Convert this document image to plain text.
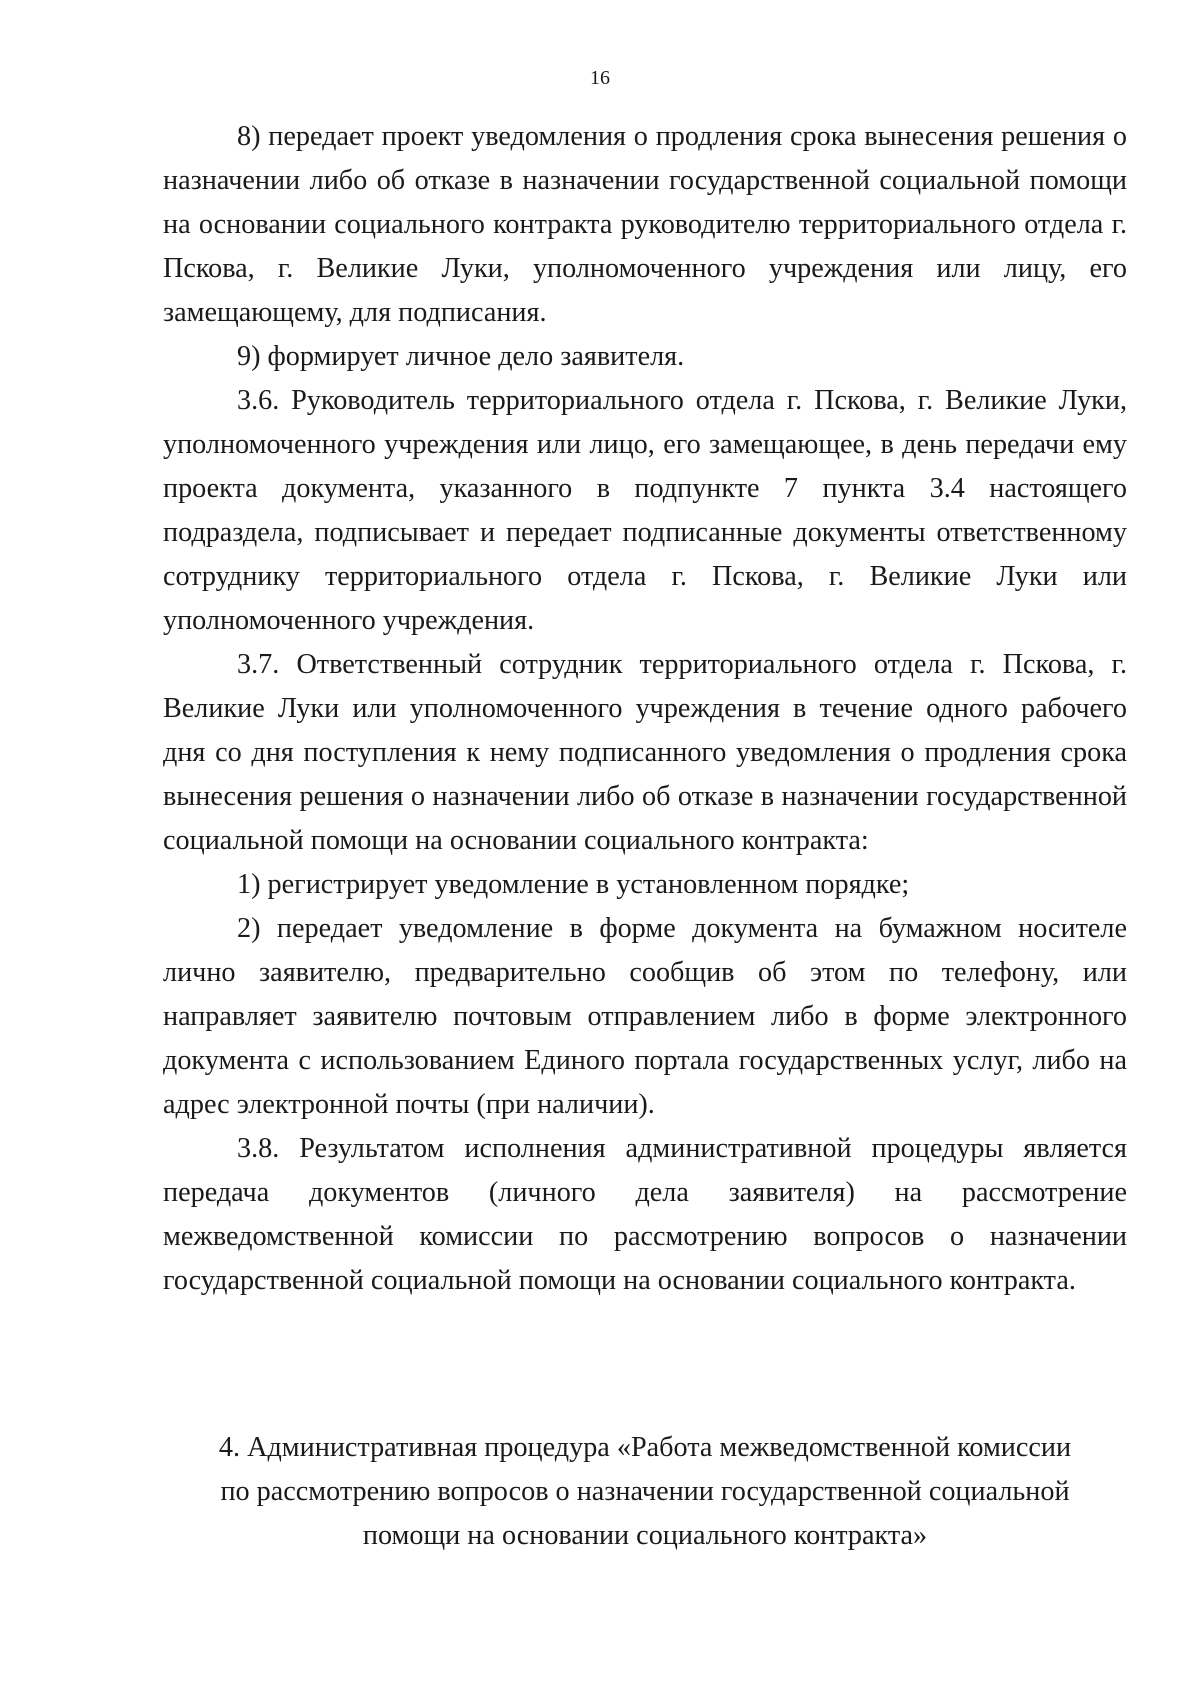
16

8) передает проект уведомления о продления срока вынесения решения о назначении либо об отказе в назначении государственной социальной помощи на основании социального контракта руководителю территориального отдела г. Пскова, г. Великие Луки, уполномоченного учреждения или лицу, его замещающему, для подписания.

9) формирует личное дело заявителя.

3.6. Руководитель территориального отдела г. Пскова, г. Великие Луки, уполномоченного учреждения или лицо, его замещающее, в день передачи ему проекта документа, указанного в подпункте 7 пункта 3.4 настоящего подраздела, подписывает и передает подписанные документы ответственному сотруднику территориального отдела г. Пскова, г. Великие Луки или уполномоченного учреждения.

3.7. Ответственный сотрудник территориального отдела г. Пскова, г. Великие Луки или уполномоченного учреждения в течение одного рабочего дня со дня поступления к нему подписанного уведомления о продления срока вынесения решения о назначении либо об отказе в назначении государственной социальной помощи на основании социального контракта:

1) регистрирует уведомление в установленном порядке;

2) передает уведомление в форме документа на бумажном носителе лично заявителю, предварительно сообщив об этом по телефону, или направляет заявителю почтовым отправлением либо в форме электронного документа с использованием Единого портала государственных услуг, либо на адрес электронной почты (при наличии).

3.8. Результатом исполнения административной процедуры является передача документов (личного дела заявителя) на рассмотрение межведомственной комиссии по рассмотрению вопросов о назначении государственной социальной помощи на основании социального контракта.

4. Административная процедура «Работа межведомственной комиссии
по рассмотрению вопросов о назначении государственной социальной
помощи на основании социального контракта»
